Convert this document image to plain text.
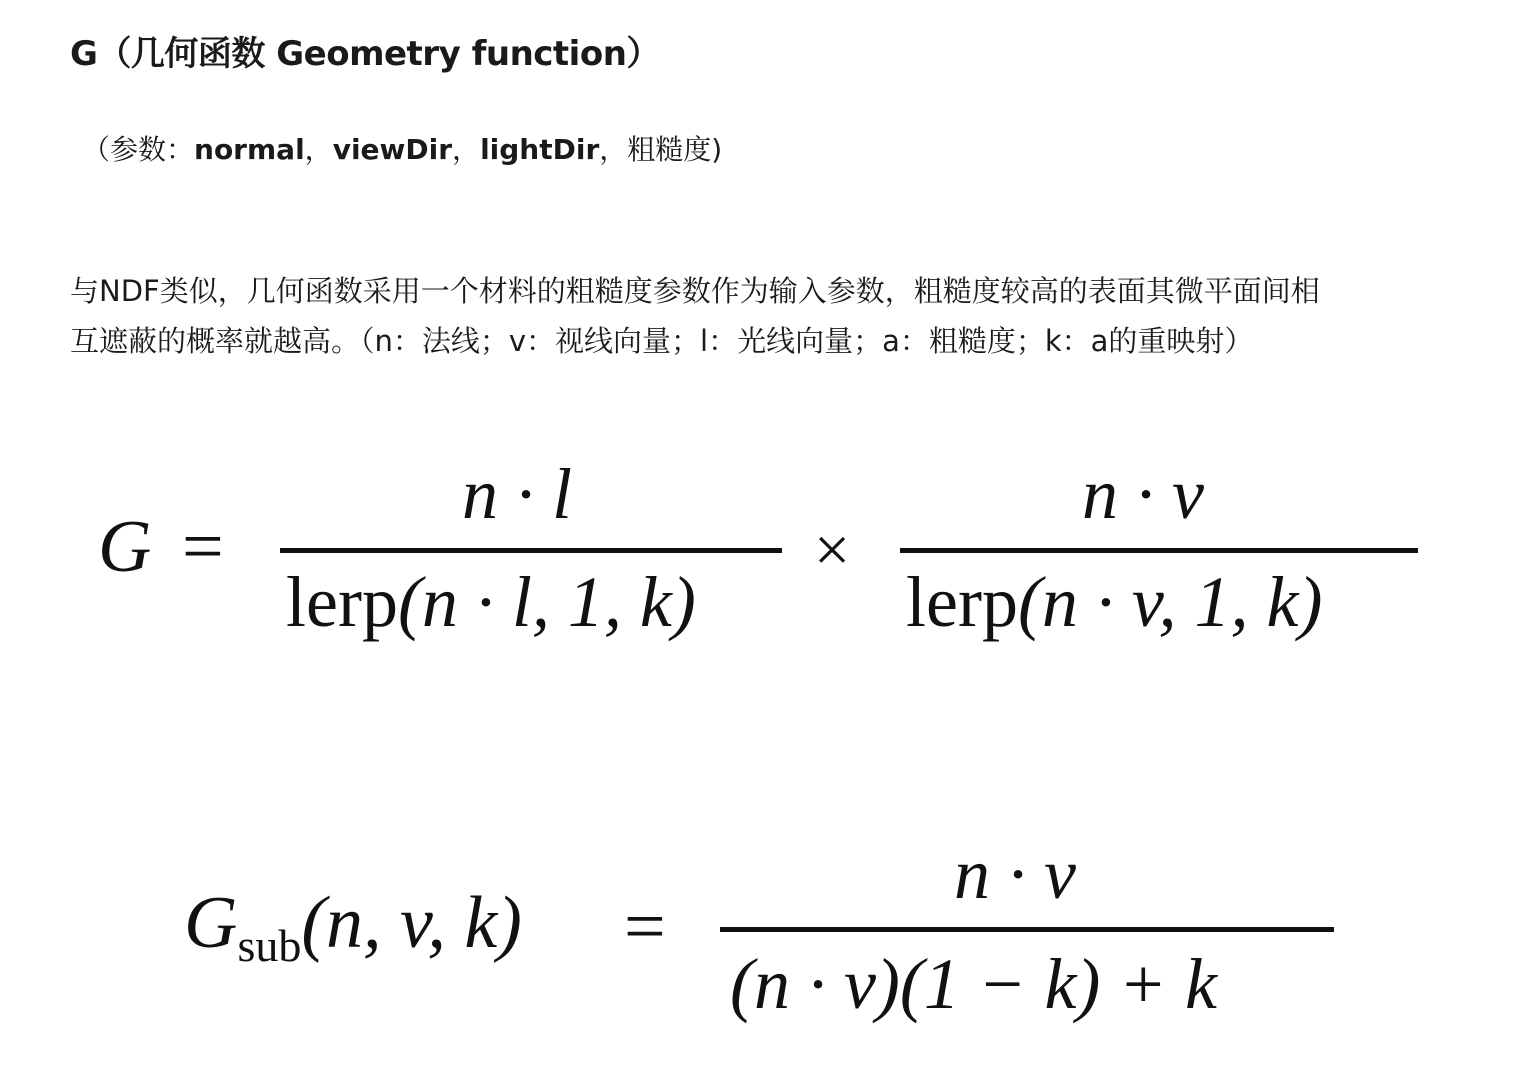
G（几何函数 Geometry function）
（参数：normal，viewDir，lightDir，粗糙度)
与NDF类似，几何函数采用一个材料的粗糙度参数作为输入参数，粗糙度较高的表面其微平面间相
互遮蔽的概率就越高。（n：法线；v：视线向量；l：光线向量；a：粗糙度；k：a的重映射）
G =
n · l
lerp(n · l, 1, k)
×
n · v
lerp(n · v, 1, k)
Gsub(n, v, k) =
n · v
(n · v)(1 − k) + k
